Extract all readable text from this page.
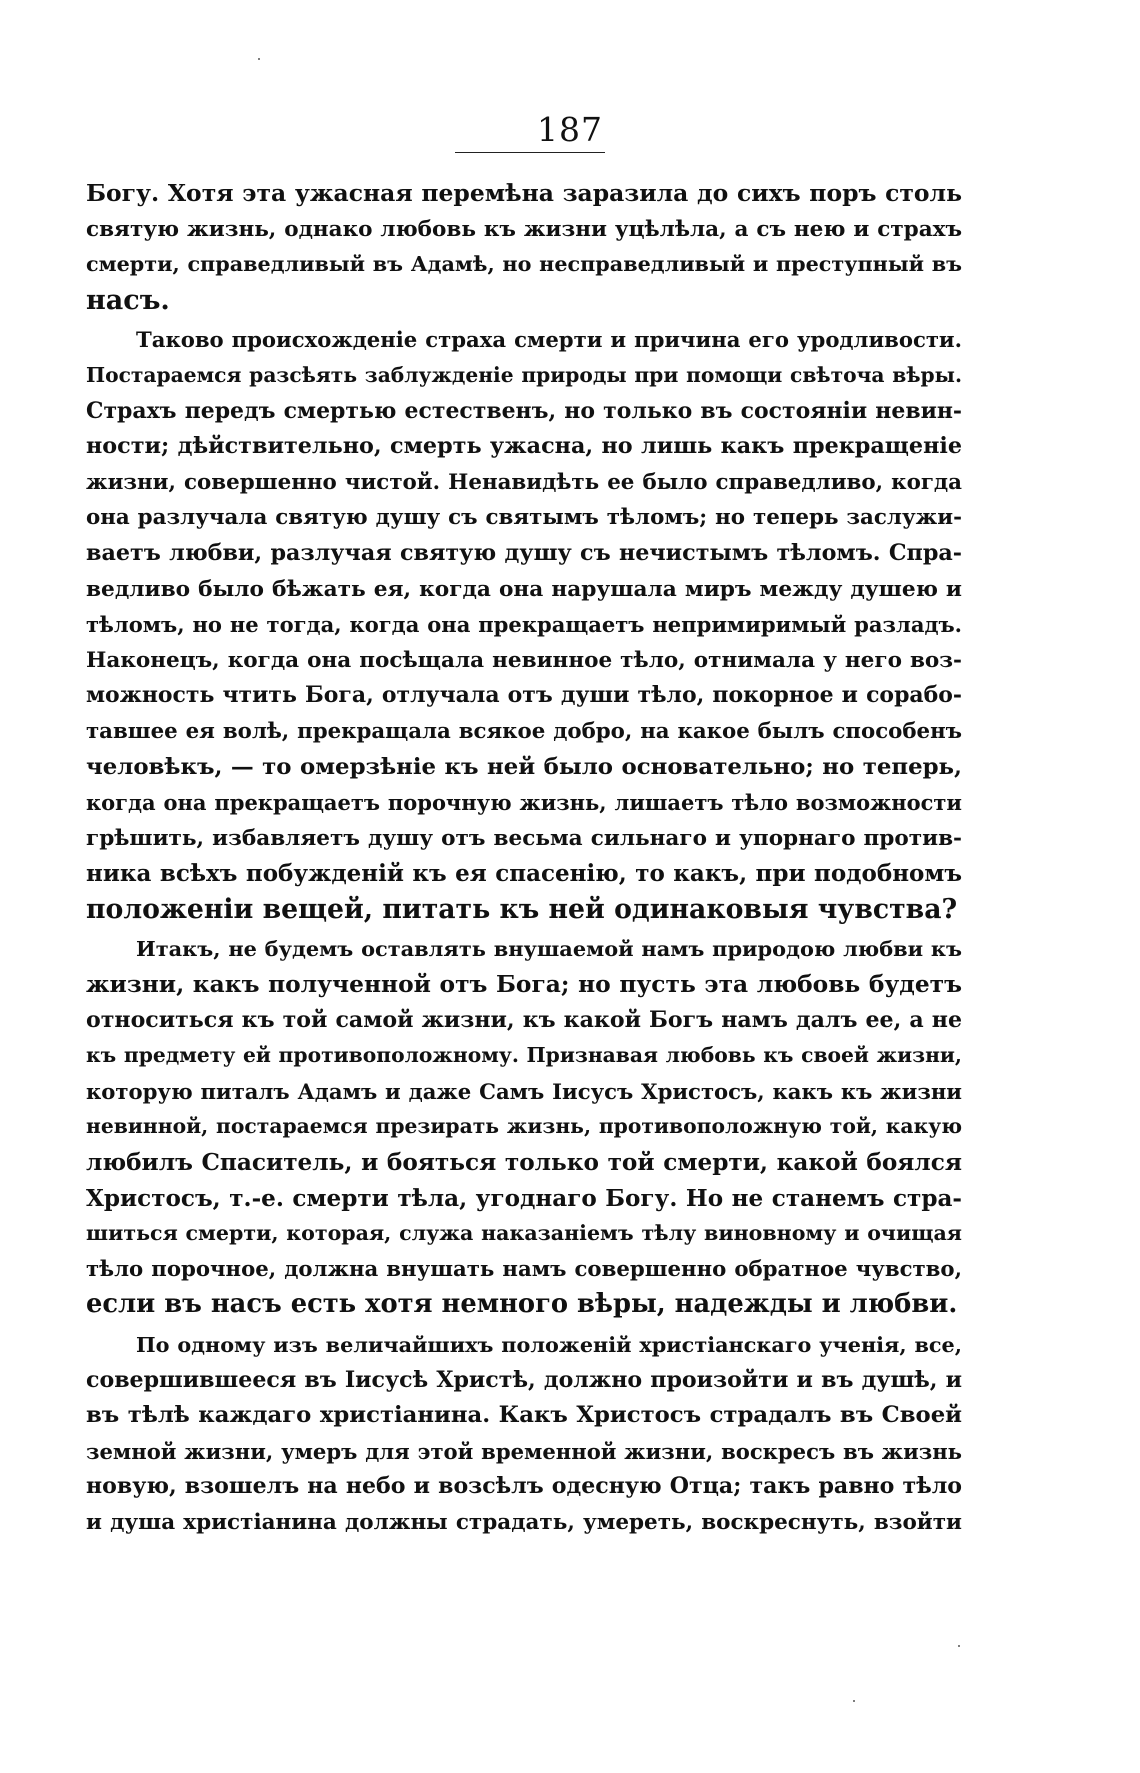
187
Богу. Хотя эта ужасная перемѣна заразила до сихъ поръ столь
святую жизнь, однако любовь къ жизни уцѣлѣла, а съ нею и страхъ
смерти, справедливый въ Адамѣ, но несправедливый и преступный въ
насъ.
Таково происхожденіе страха смерти и причина его уродливости.
Постараемся разсѣять заблужденіе природы при помощи свѣточа вѣры.
Страхъ передъ смертью естественъ, но только въ состояніи невин-
ности; дѣйствительно, смерть ужасна, но лишь какъ прекращеніе
жизни, совершенно чистой. Ненавидѣть ее было справедливо, когда
она разлучала святую душу съ святымъ тѣломъ; но теперь заслужи-
ваетъ любви, разлучая святую душу съ нечистымъ тѣломъ. Спра-
ведливо было бѣжать ея, когда она нарушала миръ между душею и
тѣломъ, но не тогда, когда она прекращаетъ непримиримый разладъ.
Наконецъ, когда она посѣщала невинное тѣло, отнимала у него воз-
можность чтить Бога, отлучала отъ души тѣло, покорное и сорабо-
тавшее ея волѣ, прекращала всякое добро, на какое былъ способенъ
человѣкъ, — то омерзѣніе къ ней было основательно; но теперь,
когда она прекращаетъ порочную жизнь, лишаетъ тѣло возможности
грѣшить, избавляетъ душу отъ весьма сильнаго и упорнаго против-
ника всѣхъ побужденій къ ея спасенію, то какъ, при подобномъ
положеніи вещей, питать къ ней одинаковыя чувства?
Итакъ, не будемъ оставлять внушаемой намъ природою любви къ
жизни, какъ полученной отъ Бога; но пусть эта любовь будетъ
относиться къ той самой жизни, къ какой Богъ намъ далъ ее, а не
къ предмету ей противоположному. Признавая любовь къ своей жизни,
которую питалъ Адамъ и даже Самъ Іисусъ Христосъ, какъ къ жизни
невинной, постараемся презирать жизнь, противоположную той, какую
любилъ Спаситель, и бояться только той смерти, какой боялся
Христосъ, т.-е. смерти тѣла, угоднаго Богу. Но не станемъ стра-
шиться смерти, которая, служа наказаніемъ тѣлу виновному и очищая
тѣло порочное, должна внушать намъ совершенно обратное чувство,
если въ насъ есть хотя немного вѣры, надежды и любви.
По одному изъ величайшихъ положеній христіанскаго ученія, все,
совершившееся въ Іисусѣ Христѣ, должно произойти и въ душѣ, и
въ тѣлѣ каждаго христіанина. Какъ Христосъ страдалъ въ Своей
земной жизни, умеръ для этой временной жизни, воскресъ въ жизнь
новую, взошелъ на небо и возсѣлъ одесную Отца; такъ равно тѣло
и душа христіанина должны страдать, умереть, воскреснуть, взойти
